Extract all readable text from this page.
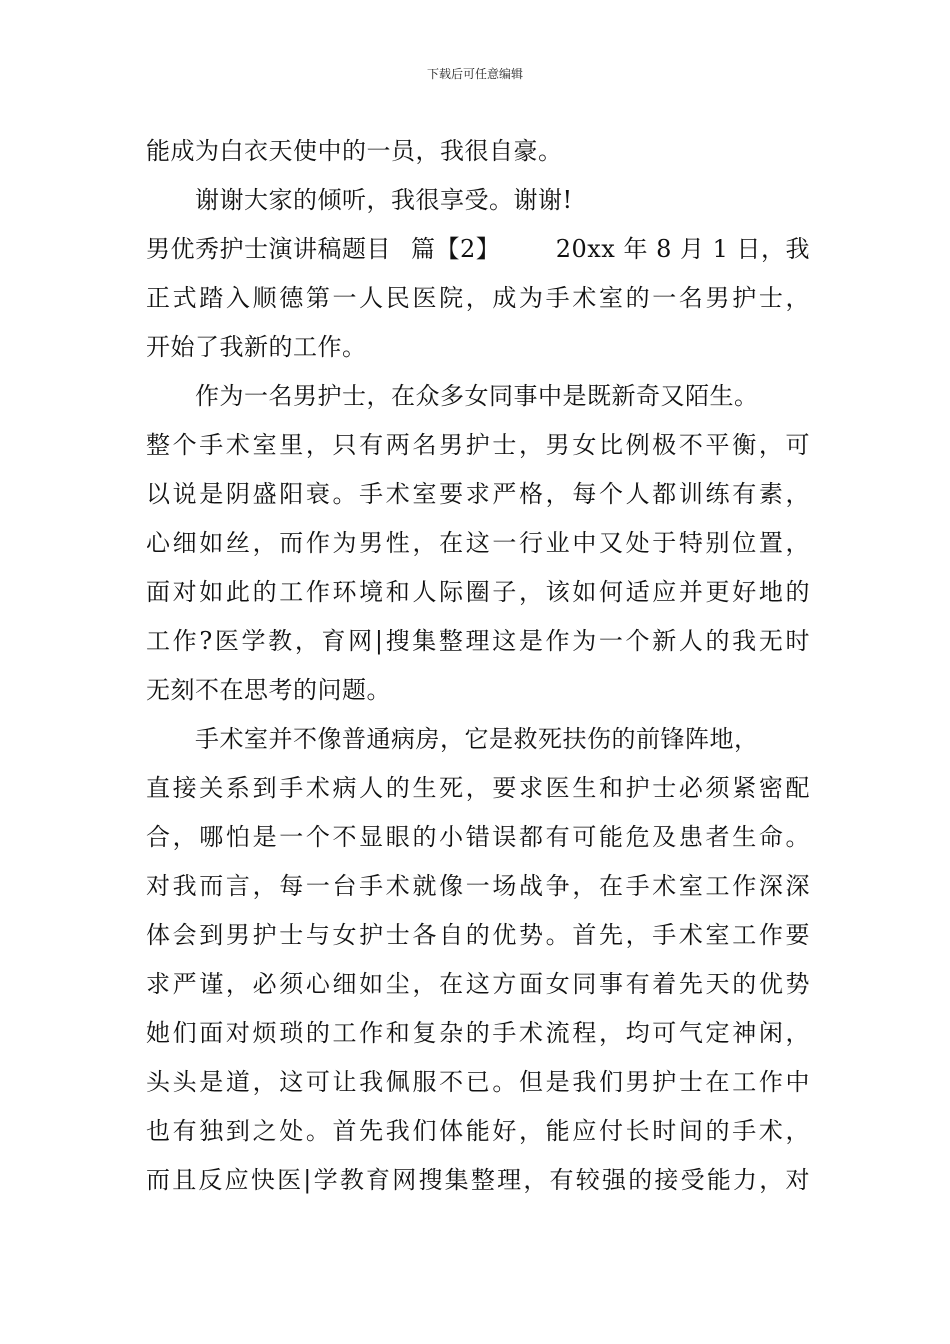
下载后可任意编辑
能成为白衣天使中的一员，我很自豪。
谢谢大家的倾听，我很享受。谢谢!
男优秀护士演讲稿题目 篇【2】 20xx 年 8 月 1 日，我
正式踏入顺德第一人民医院，成为手术室的一名男护士，
开始了我新的工作。
作为一名男护士，在众多女同事中是既新奇又陌生。
整个手术室里，只有两名男护士，男女比例极不平衡，可
以说是阴盛阳衰。手术室要求严格，每个人都训练有素，
心细如丝，而作为男性，在这一行业中又处于特别位置，
面对如此的工作环境和人际圈子，该如何适应并更好地的
工作?医学教，育网|搜集整理这是作为一个新人的我无时
无刻不在思考的问题。
手术室并不像普通病房，它是救死扶伤的前锋阵地，
直接关系到手术病人的生死，要求医生和护士必须紧密配
合，哪怕是一个不显眼的小错误都有可能危及患者生命。
对我而言，每一台手术就像一场战争，在手术室工作深深
体会到男护士与女护士各自的优势。首先，手术室工作要
求严谨，必须心细如尘，在这方面女同事有着先天的优势
她们面对烦琐的工作和复杂的手术流程，均可气定神闲，
头头是道，这可让我佩服不已。但是我们男护士在工作中
也有独到之处。首先我们体能好，能应付长时间的手术，
而且反应快医|学教育网搜集整理，有较强的接受能力，对
